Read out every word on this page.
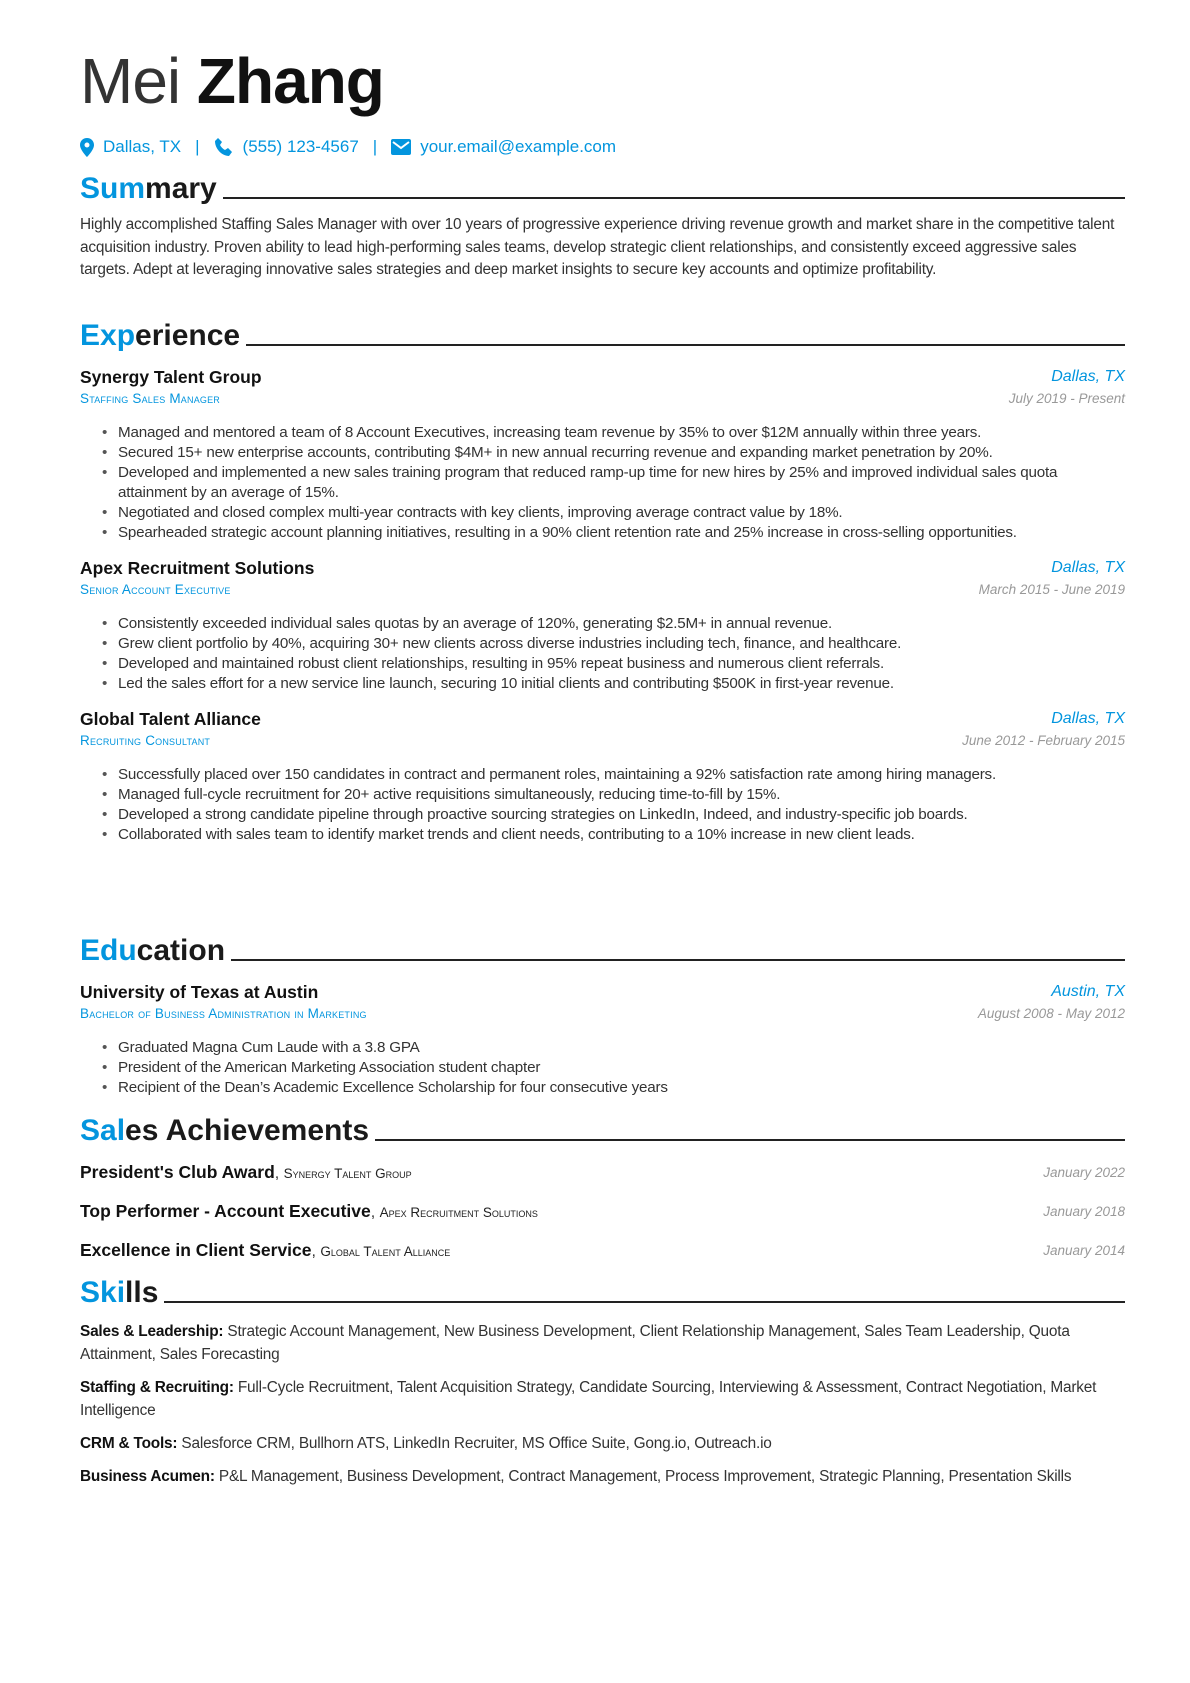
Mei Zhang
Dallas, TX |	(555) 123-4567 |	your.email@example.com
Sum mary

Highly accomplished Staffing Sales Manager with over 10 years of progressive experience driving revenue growth and market share in the competitive talent acquisition industry. Proven ability to lead high-performing sales teams, develop strategic client relationships, and consistently exceed aggressive sales targets. Adept at leveraging innovative sales strategies and deep market insights to secure key accounts and optimize profitability.

Exp erience
Synergy Talent Group	Dallas, TX
Staffing Sales Manager	July 2019 - Present
• Managed and mentored a team of 8 Account Executives, increasing team revenue by 35% to over $12M annually within three years.
• Secured 15+ new enterprise accounts, contributing $4M+ in new annual recurring revenue and expanding market penetration by 20%.
• Developed and implemented a new sales training program that reduced ramp-up time for new hires by 25% and improved individual sales quota attainment by an average of 15%.
• Negotiated and closed complex multi-year contracts with key clients, improving average contract value by 18%.
• Spearheaded strategic account planning initiatives, resulting in a 90% client retention rate and 25% increase in cross-selling opportunities.
Apex Recruitment Solutions	Dallas, TX
Senior Account Executive	March 2015 - June 2019
• Consistently exceeded individual sales quotas by an average of 120%, generating $2.5M+ in annual revenue.
• Grew client portfolio by 40%, acquiring 30+ new clients across diverse industries including tech, finance, and healthcare.
• Developed and maintained robust client relationships, resulting in 95% repeat business and numerous client referrals.
• Led the sales effort for a new service line launch, securing 10 initial clients and contributing $500K in first-year revenue.
Global Talent Alliance	Dallas, TX
Recruiting Consultant	June 2012 - February 2015
• Successfully placed over 150 candidates in contract and permanent roles, maintaining a 92% satisfaction rate among hiring managers.
• Managed full-cycle recruitment for 20+ active requisitions simultaneously, reducing time-to-fill by 15%.
• Developed a strong candidate pipeline through proactive sourcing strategies on LinkedIn, Indeed, and industry-specific job boards.
• Collaborated with sales team to identify market trends and client needs, contributing to a 10% increase in new client leads.
Edu cation
University of Texas at Austin	Austin, TX
Bachelor of Business Administration in Marketing	August 2008 - May 2012
• Graduated Magna Cum Laude with a 3.8 GPA
• President of the American Marketing Association student chapter
• Recipient of the Dean’s Academic Excellence Scholarship for four consecutive years
Sal es Achievements
President's Club Award, Synergy Talent Group	January 2022
Top Performer - Account Executive, Apex Recruitment Solutions	January 2018
Excellence in Client Service, Global Talent Alliance	January 2014
Ski lls
Sales & Leadership: Strategic Account Management, New Business Development, Client Relationship Management, Sales Team Leadership, Quota Attainment, Sales Forecasting
Staffing & Recruiting: Full-Cycle Recruitment, Talent Acquisition Strategy, Candidate Sourcing, Interviewing & Assessment, Contract Negotiation, Market Intelligence
CRM & Tools: Salesforce CRM, Bullhorn ATS, LinkedIn Recruiter, MS Office Suite, Gong.io, Outreach.io
Business Acumen: P&L Management, Business Development, Contract Management, Process Improvement, Strategic Planning, Presentation Skills
